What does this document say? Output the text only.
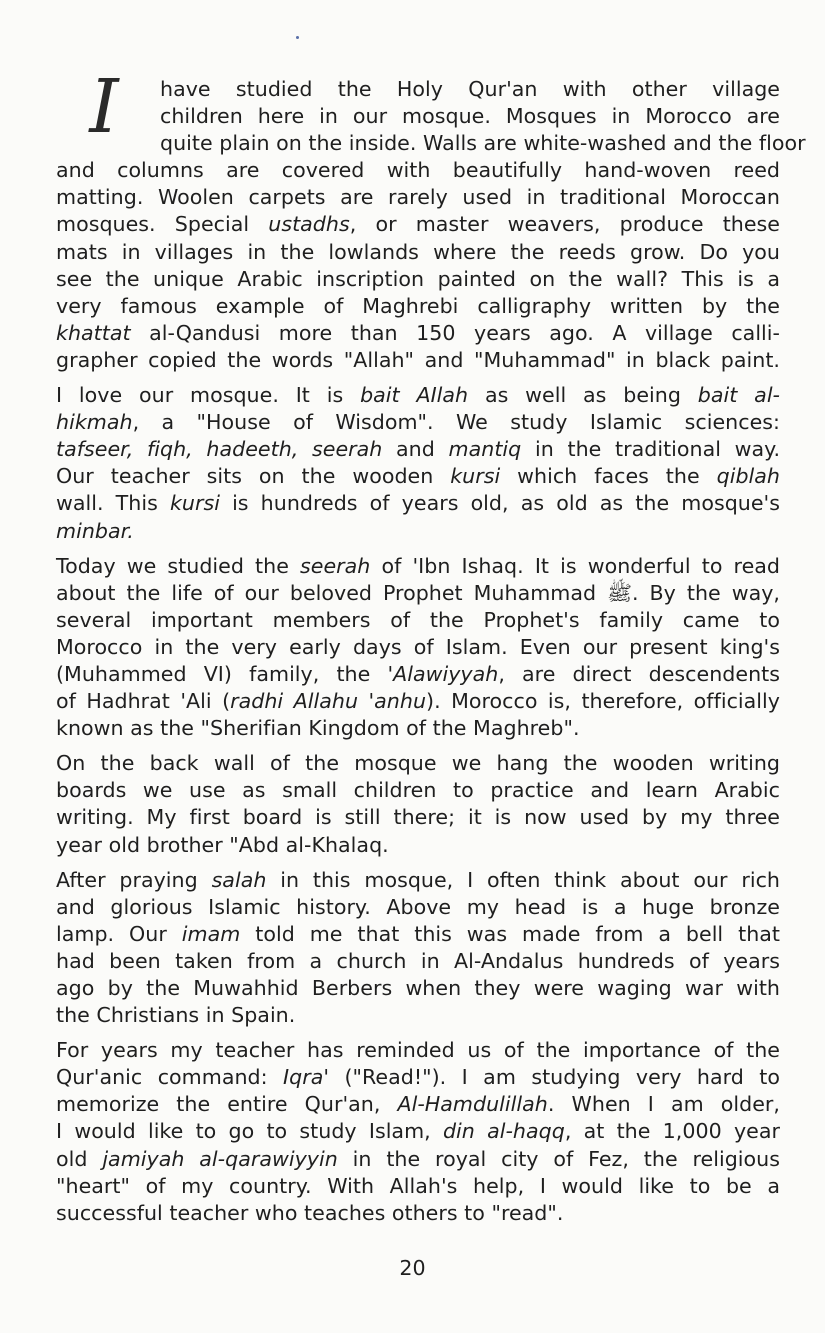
I	have studied the Holy Qur'an with other village
children here in our mosque. Mosques in Morocco are
quite plain on the inside. Walls are white-washed and the floor
and columns are covered with beautifully hand-woven reed
matting. Woolen carpets are rarely used in traditional Moroccan
mosques. Special ustadhs, or master weavers, produce these
mats in villages in the lowlands where the reeds grow. Do you
see the unique Arabic inscription painted on the wall? This is a
very famous example of Maghrebi calligraphy written by the
khattat al-Qandusi more than 150 years ago. A village calli-
grapher copied the words "Allah" and "Muhammad" in black paint.
I love our mosque. It is bait AIlah as well as being bait al-
hikmah, a "House of Wisdom". We study Islamic sciences:
tafseer, fiqh, hadeeth, seerah and mantiq in the traditional way.
Our teacher sits on the wooden kursi which faces the qiblah
wall. This kursi is hundreds of years old, as old as the mosque's
minbar.
Today we studied the seerah of 'Ibn Ishaq. It is wonderful to read
about the life of our beloved Prophet Muhammad ﷺ. By the way,
several important members of the Prophet's family came to
Morocco in the very early days of Islam. Even our present king's
(Muhammed VI) family, the 'Alawiyyah, are direct descendents
of Hadhrat 'Ali (radhi Allahu 'anhu). Morocco is, therefore, officially
known as the "Sherifian Kingdom of the Maghreb".
On the back wall of the mosque we hang the wooden writing
boards we use as small children to practice and learn Arabic
writing. My first board is still there; it is now used by my three
year old brother "Abd al-Khalaq.
After praying salah in this mosque, I often think about our rich
and glorious Islamic history. Above my head is a huge bronze
lamp. Our imam told me that this was made from a bell that
had been taken from a church in Al-Andalus hundreds of years
ago by the Muwahhid Berbers when they were waging war with
the Christians in Spain.
For years my teacher has reminded us of the importance of the
Qur'anic command: Iqra' ("Read!"). I am studying very hard to
memorize the entire Qur'an, Al-Hamdulillah. When I am older,
I would like to go to study Islam, din al-haqq, at the 1,000 year
old jamiyah al-qarawiyyin in the royal city of Fez, the religious
"heart" of my country. With Allah's help, I would like to be a
successful teacher who teaches others to "read".
20
